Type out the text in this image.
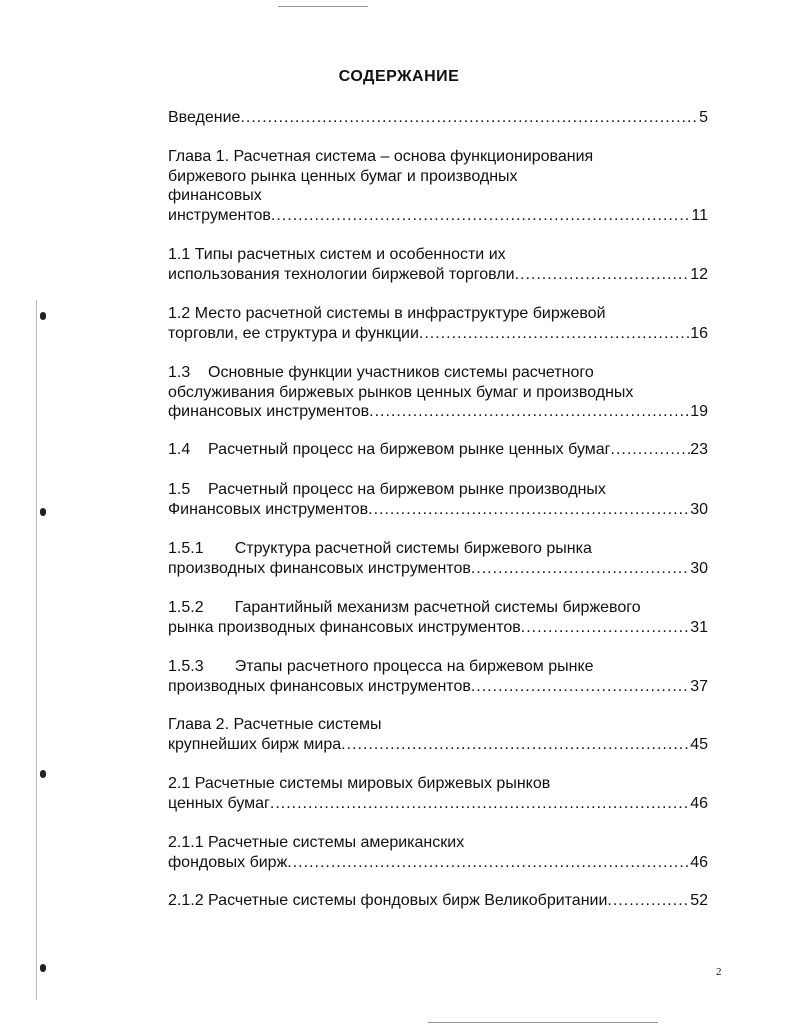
СОДЕРЖАНИЕ
Введение .....	5
Глава 1. Расчетная система – основа функционирования
биржевого рынка ценных бумаг и производных
финансовых
инструментов .....	11
1.1 Типы расчетных систем и особенности их
использования технологии биржевой торговли .....	12
1.2 Место расчетной системы в инфраструктуре биржевой
торговли, ее структура и функции .....	16
1.3    Основные функции участников системы расчетного
обслуживания биржевых рынков ценных бумаг и производных
финансовых инструментов .....	19
1.4    Расчетный процесс на биржевом рынке ценных бумаг .....	23
1.5    Расчетный процесс на биржевом рынке производных
Финансовых инструментов .....	30
1.5.1       Структура расчетной системы биржевого рынка
производных финансовых инструментов .....	30
1.5.2       Гарантийный механизм расчетной системы биржевого
рынка производных финансовых инструментов .....	31
1.5.3       Этапы расчетного процесса на биржевом рынке
производных финансовых инструментов .....	37
Глава 2. Расчетные системы
крупнейших бирж мира .....	45
2.1 Расчетные системы мировых биржевых рынков
ценных бумаг .....	46
2.1.1 Расчетные системы американских
фондовых бирж .....	46
2.1.2 Расчетные системы фондовых бирж Великобритании .....	52
2
